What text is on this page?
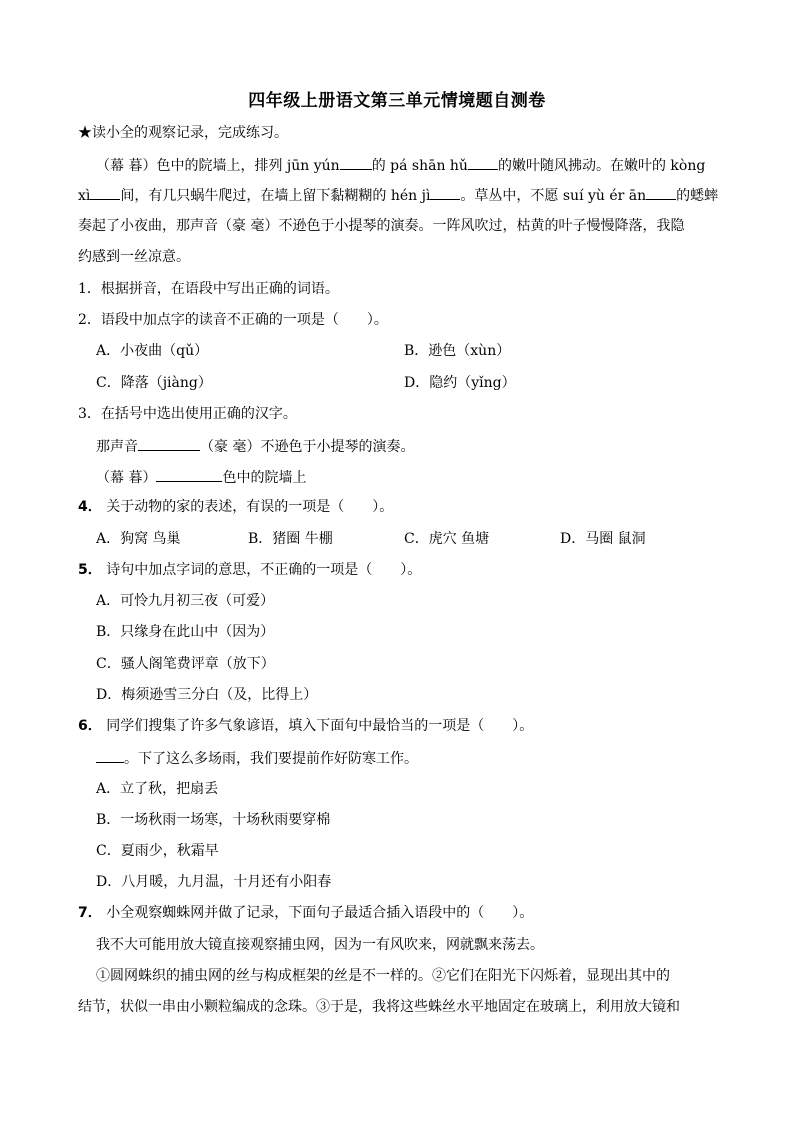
四年级上册语文第三单元情境题自测卷
★读小全的观察记录，完成练习。
（幕 暮）色中的院墙上，排列 jūn yún 的 pá shān hǔ 的嫩叶随风拂动。在嫩叶的 kòng
xì 间，有几只蜗牛爬过，在墙上留下黏糊糊的 hén jì 。草丛中，不愿 suí yù ér ān 的蟋蟀
奏起了小夜曲，那声音（豪 毫）不逊色于小提琴的演奏。一阵风吹过，枯黄的叶子慢慢降落，我隐
约感到一丝凉意。
1．根据拼音，在语段中写出正确的词语。
2．语段中加点字的读音不正确的一项是（　　）。
A．小夜曲（qǔ）	B．逊色（xùn）
C．降落（jiàng）	D．隐约（yǐng）
3．在括号中选出使用正确的汉字。
那声音	（豪 毫）不逊色于小提琴的演奏。
（幕 暮）	色中的院墙上
4． 关于动物的家的表述，有误的一项是（　　）。
A．狗窝 鸟巢	B．猪圈 牛棚	C．虎穴 鱼塘	D．马圈 鼠洞
5． 诗句中加点字词的意思，不正确的一项是（　　）。
A．可怜九月初三夜（可爱）
B．只缘身在此山中（因为）
C．骚人阁笔费评章（放下）
D．梅须逊雪三分白（及，比得上）
6． 同学们搜集了许多气象谚语，填入下面句中最恰当的一项是（　　）。
。下了这么多场雨，我们要提前作好防寒工作。
A．立了秋，把扇丢
B．一场秋雨一场寒，十场秋雨要穿棉
C．夏雨少，秋霜早
D．八月暖，九月温，十月还有小阳春
7． 小全观察蜘蛛网并做了记录，下面句子最适合插入语段中的（　　）。
我不大可能用放大镜直接观察捕虫网，因为一有风吹来，网就飘来荡去。
①圆网蛛织的捕虫网的丝与构成框架的丝是不一样的。②它们在阳光下闪烁着，显现出其中的
结节，状似一串由小颗粒编成的念珠。③于是，我将这些蛛丝水平地固定在玻璃上，利用放大镜和
